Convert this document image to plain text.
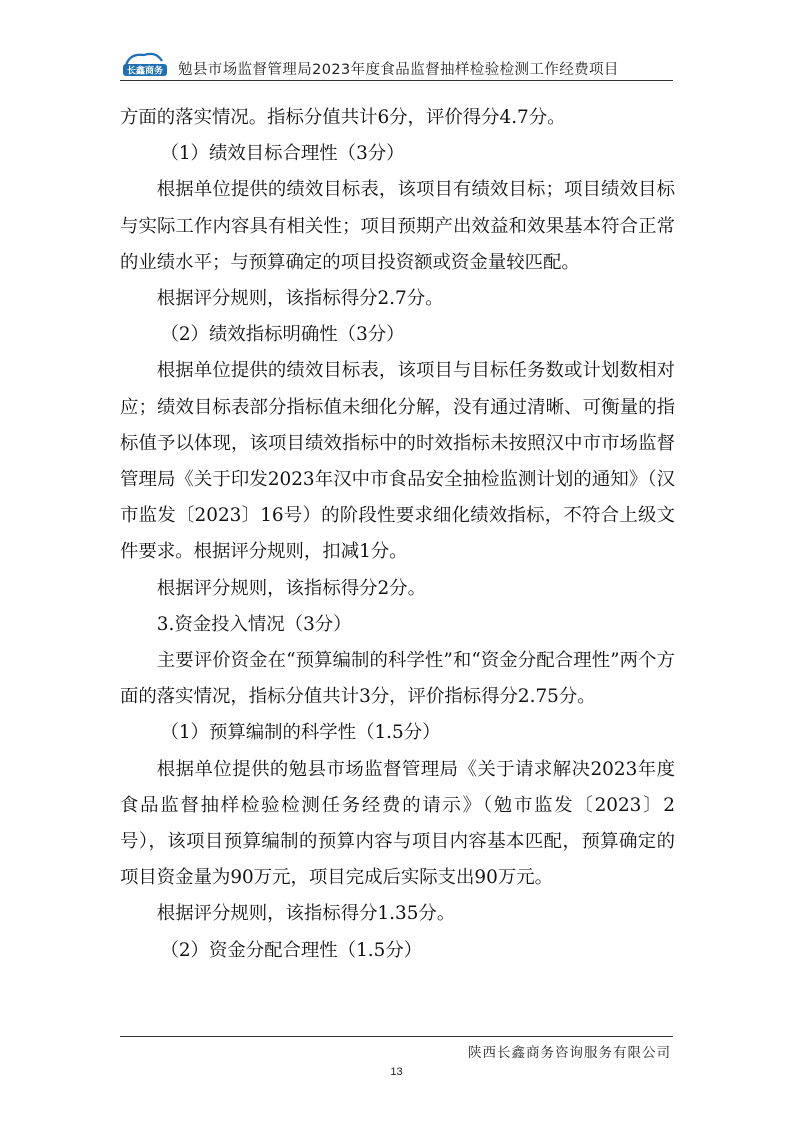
长鑫商务 勉县市场监督管理局2023年度食品监督抽样检验检测工作经费项目

方面的落实情况。指标分值共计6分，评价得分4.7分。

（1）绩效目标合理性（3分）

根据单位提供的绩效目标表，该项目有绩效目标；项目绩效目标与实际工作内容具有相关性；项目预期产出效益和效果基本符合正常的业绩水平；与预算确定的项目投资额或资金量较匹配。

根据评分规则，该指标得分2.7分。

（2）绩效指标明确性（3分）

根据单位提供的绩效目标表，该项目与目标任务数或计划数相对应；绩效目标表部分指标值未细化分解，没有通过清晰、可衡量的指标值予以体现，该项目绩效指标中的时效指标未按照汉中市市场监督管理局《关于印发2023年汉中市食品安全抽检监测计划的通知》（汉市监发〔2023〕16号）的阶段性要求细化绩效指标，不符合上级文件要求。根据评分规则，扣减1分。

根据评分规则，该指标得分2分。

3.资金投入情况（3分）

主要评价资金在“预算编制的科学性”和“资金分配合理性”两个方面的落实情况，指标分值共计3分，评价指标得分2.75分。

（1）预算编制的科学性（1.5分）

根据单位提供的勉县市场监督管理局《关于请求解决2023年度食品监督抽样检验检测任务经费的请示》（勉市监发〔2023〕2号），该项目预算编制的预算内容与项目内容基本匹配，预算确定的项目资金量为90万元，项目完成后实际支出90万元。

根据评分规则，该指标得分1.35分。

（2）资金分配合理性（1.5分）

陕西长鑫商务咨询服务有限公司
13
